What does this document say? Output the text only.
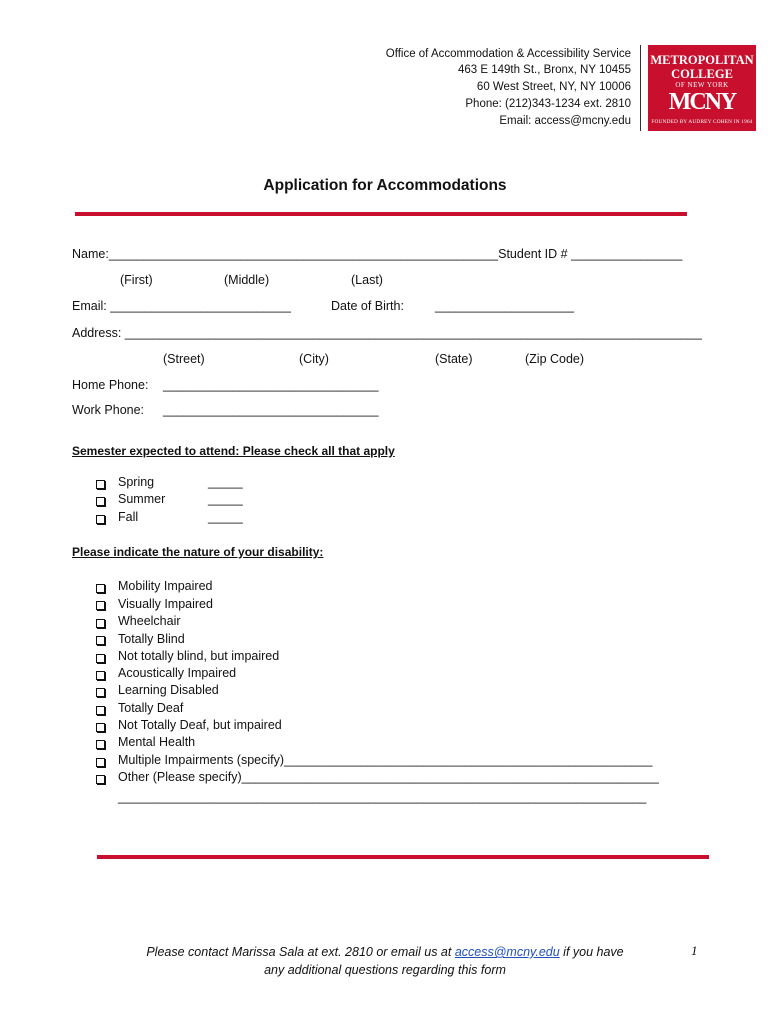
Office of Accommodation & Accessibility Service
463 E 149th St., Bronx, NY 10455
60 West Street, NY, NY 10006
Phone: (212)343-1234 ext. 2810
Email: access@mcny.edu
METROPOLITAN
COLLEGE
OF NEW YORK
MCNY
FOUNDED BY AUDREY COHEN IN 1964
Application for Accommodations
Name:________________________________________________________Student ID # ________________
(First)	(Middle)	(Last)
Email: __________________________	Date of Birth: ____________________
Address: ___________________________________________________________________________________
(Street)	(City)	(State)	(Zip Code)
Home Phone: _______________________________
Work Phone: _______________________________
Semester expected to attend: Please check all that apply
Spring	_____
Summer	_____
Fall	_____
Please indicate the nature of your disability:
Mobility Impaired
Visually Impaired
Wheelchair
Totally Blind
Not totally blind, but impaired
Acoustically Impaired
Learning Disabled
Totally Deaf
Not Totally Deaf, but impaired
Mental Health
Multiple Impairments (specify)_____________________________________________________
Other (Please specify)____________________________________________________________
____________________________________________________________________________
Please contact Marissa Sala at ext. 2810 or email us at access@mcny.edu if you have
any additional questions regarding this form
1
